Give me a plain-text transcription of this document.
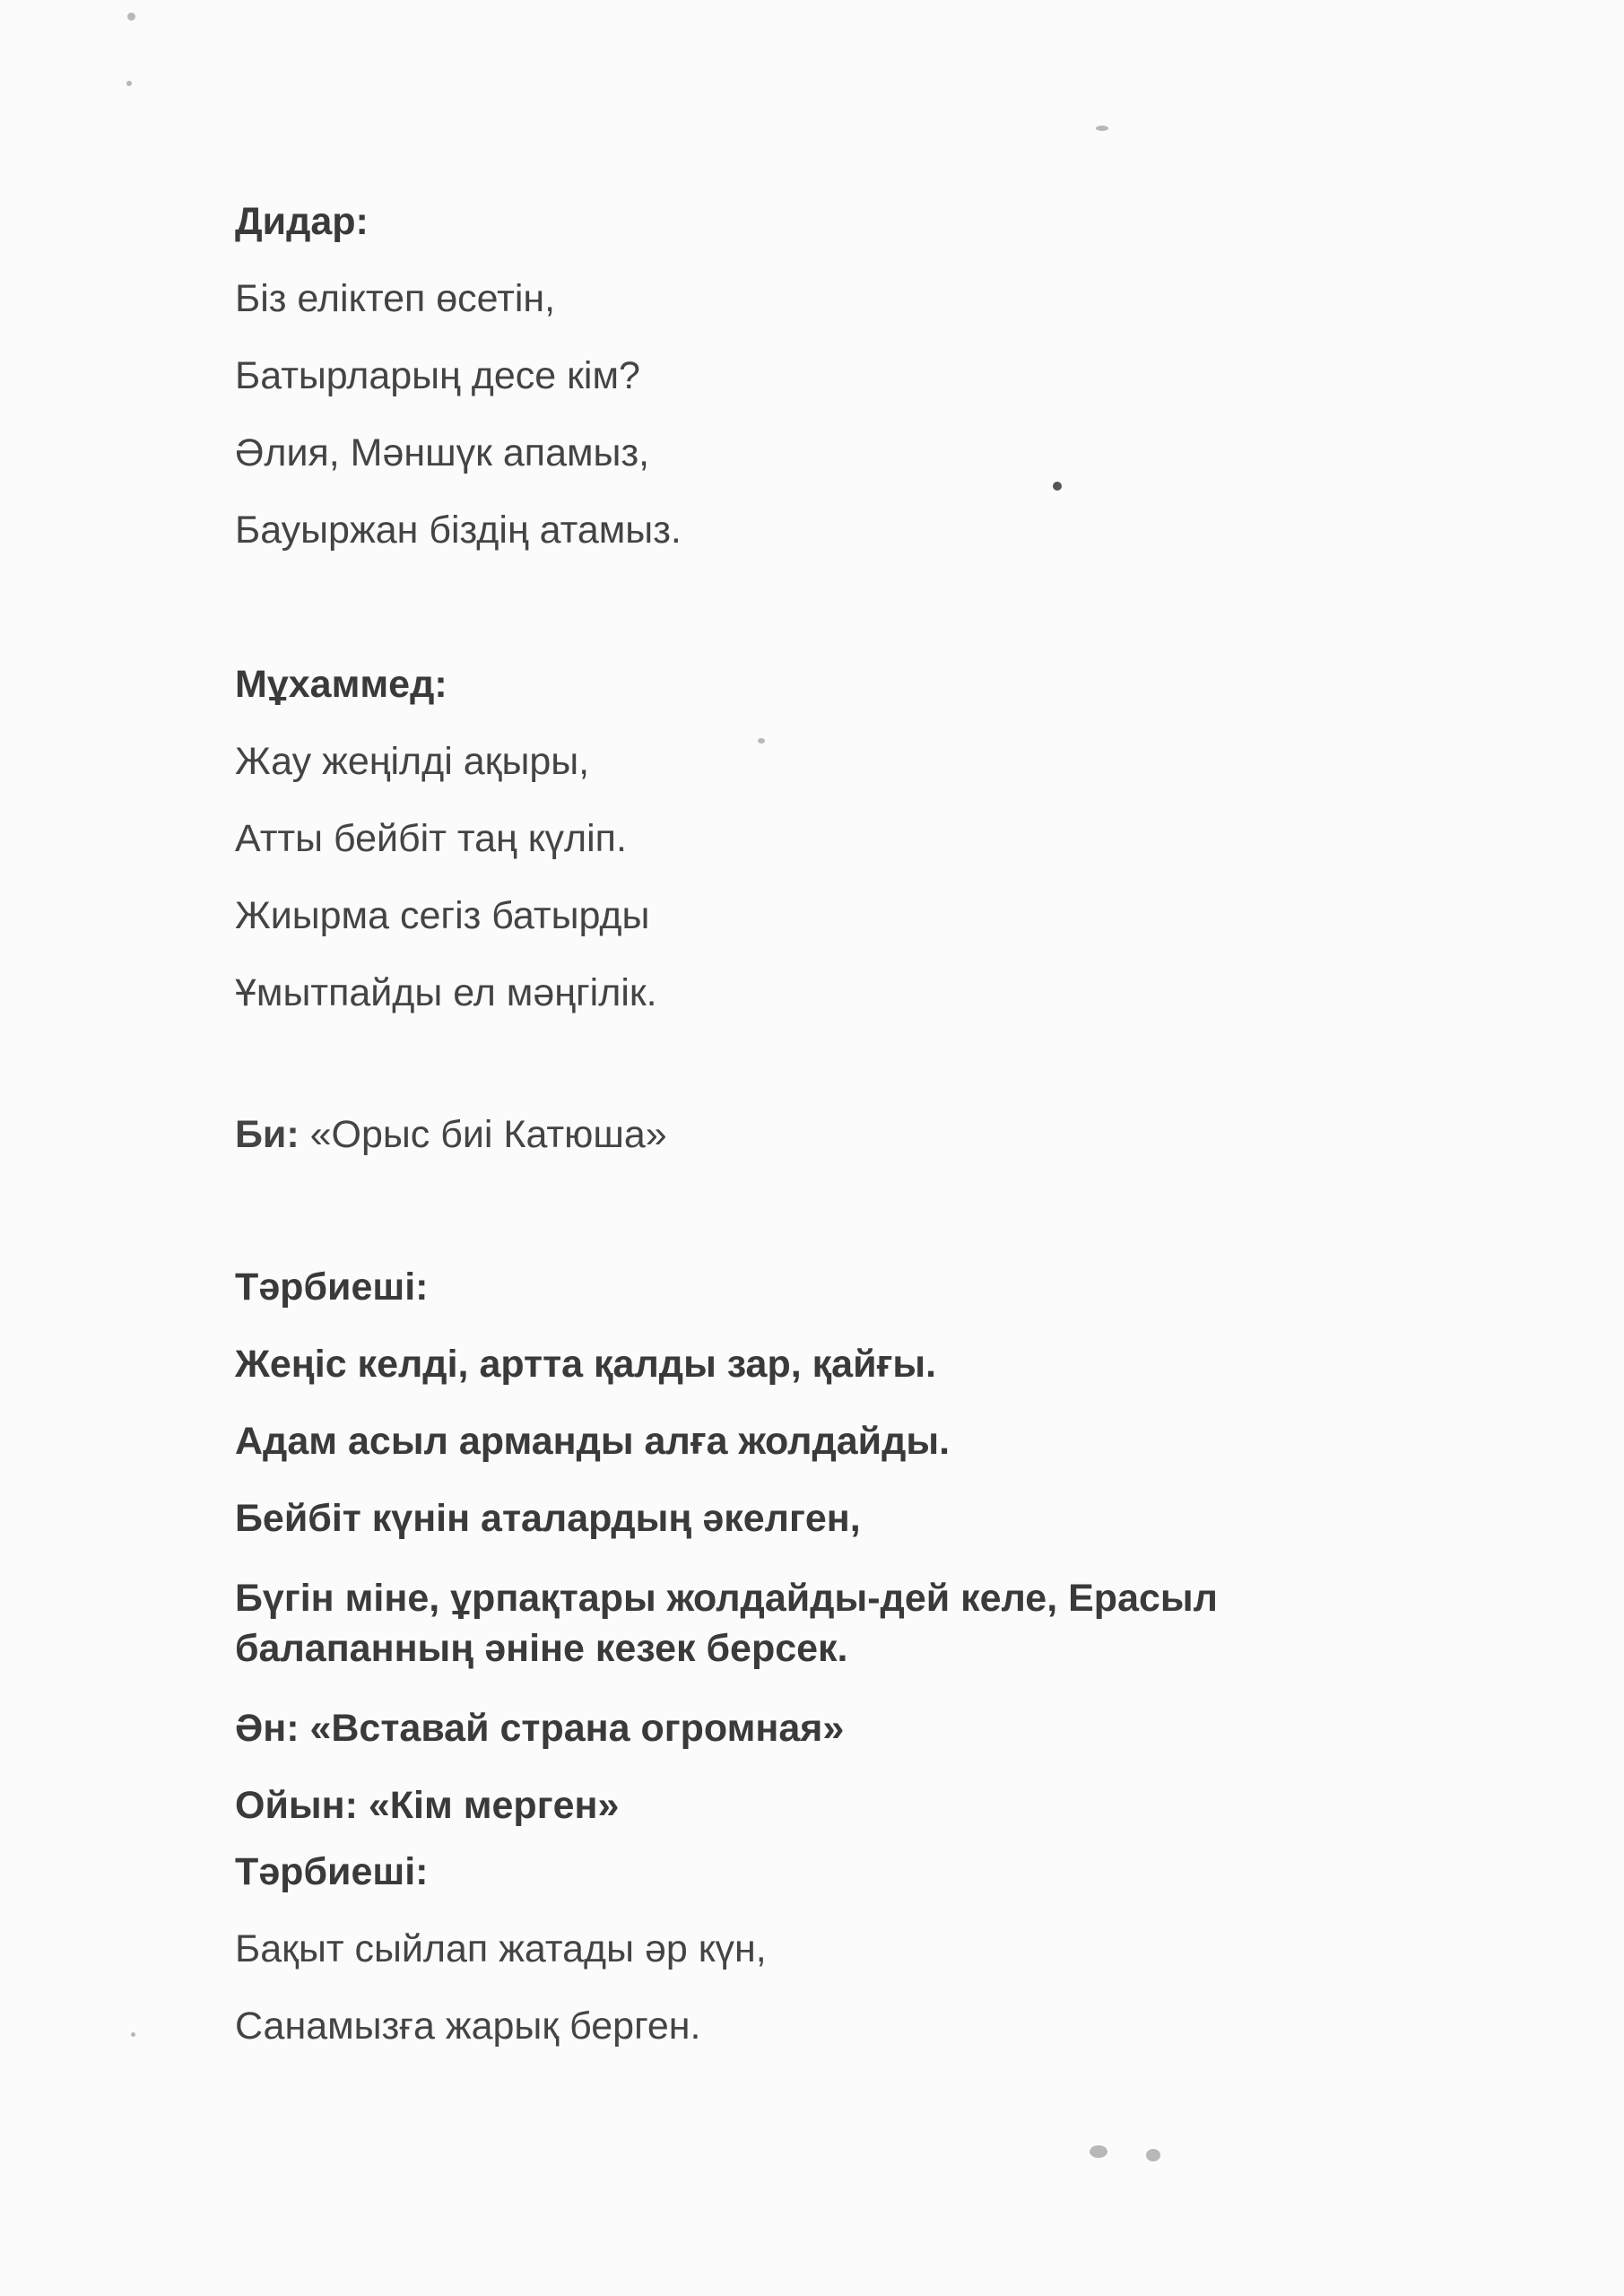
Дидар:
Біз еліктеп өсетін,
Батырларың десе кім?
Әлия, Мәншүк апамыз,
Бауыржан біздің атамыз.
Мұхаммед:
Жау жеңілді ақыры,
Атты бейбіт таң күліп.
Жиырма сегіз батырды
Ұмытпайды ел мәңгілік.
Би: «Орыс биі Катюша»
Тәрбиеші:
Жеңіс келді, артта қалды зар, қайғы.
Адам асыл арманды алға жолдайды.
Бейбіт күнін аталардың әкелген,
Бүгін міне, ұрпақтары жолдайды-дей келе, Ерасыл балапанның әніне кезек берсек.
Ән: «Вставай страна огромная»
Ойын: «Кім мерген»
Тәрбиеші:
Бақыт сыйлап жатады әр күн,
Санамызға жарық берген.
